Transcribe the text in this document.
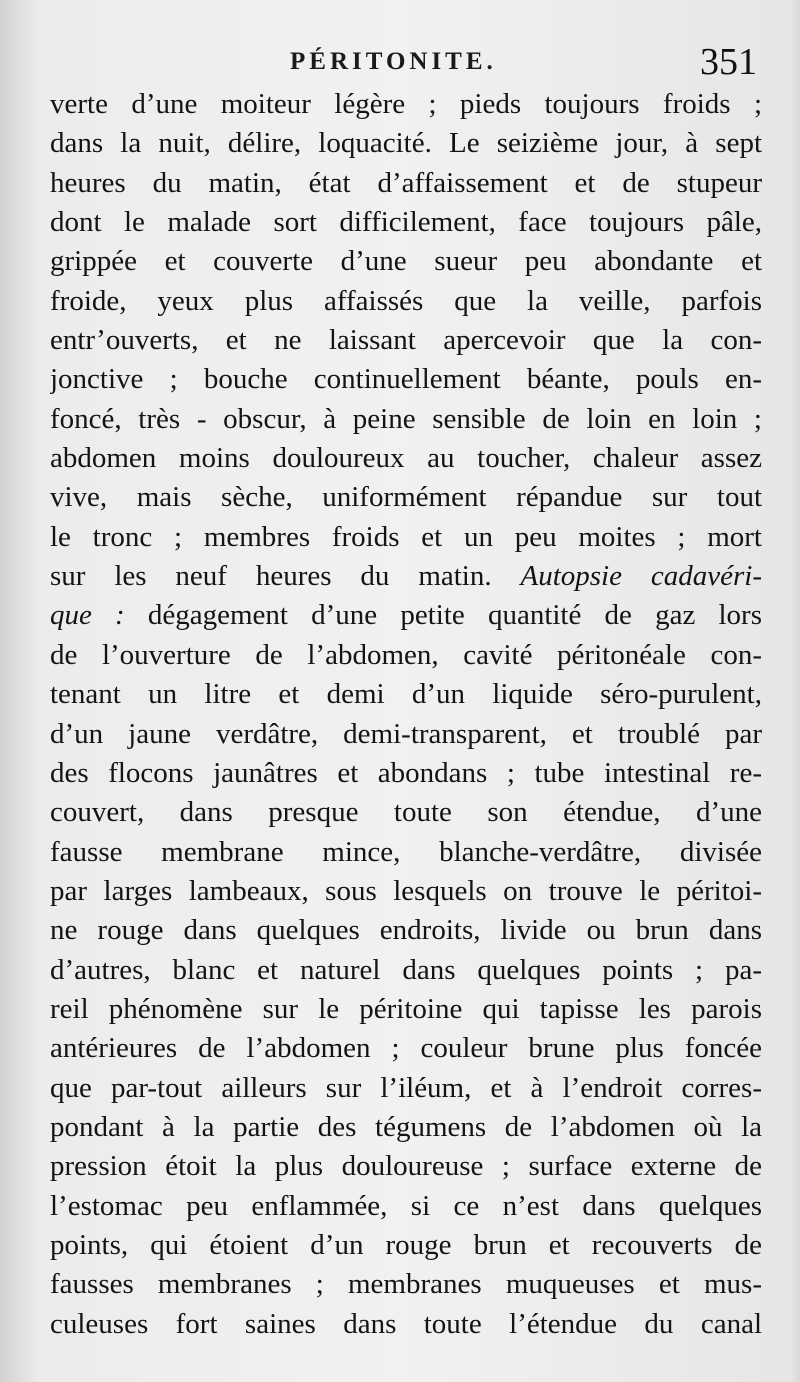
PÉRITONITE.	351
verte d’une moiteur légère ; pieds toujours froids ;
dans la nuit, délire, loquacité. Le seizième jour, à sept
heures du matin, état d’affaissement et de stupeur
dont le malade sort difficilement, face toujours pâle,
grippée et couverte d’une sueur peu abondante et
froide, yeux plus affaissés que la veille, parfois
entr’ouverts, et ne laissant apercevoir que la con-
jonctive ; bouche continuellement béante, pouls en-
foncé, très - obscur, à peine sensible de loin en loin ;
abdomen moins douloureux au toucher, chaleur assez
vive, mais sèche, uniformément répandue sur tout
le tronc ; membres froids et un peu moites ; mort
sur les neuf heures du matin. Autopsie cadavéri-
que : dégagement d’une petite quantité de gaz lors
de l’ouverture de l’abdomen, cavité péritonéale con-
tenant un litre et demi d’un liquide séro-purulent,
d’un jaune verdâtre, demi-transparent, et troublé par
des flocons jaunâtres et abondans ; tube intestinal re-
couvert, dans presque toute son étendue, d’une
fausse membrane mince, blanche-verdâtre, divisée
par larges lambeaux, sous lesquels on trouve le péritoi-
ne rouge dans quelques endroits, livide ou brun dans
d’autres, blanc et naturel dans quelques points ; pa-
reil phénomène sur le péritoine qui tapisse les parois
antérieures de l’abdomen ; couleur brune plus foncée
que par-tout ailleurs sur l’iléum, et à l’endroit corres-
pondant à la partie des tégumens de l’abdomen où la
pression étoit la plus douloureuse ; surface externe de
l’estomac peu enflammée, si ce n’est dans quelques
points, qui étoient d’un rouge brun et recouverts de
fausses membranes ; membranes muqueuses et mus-
culeuses fort saines dans toute l’étendue du canal
